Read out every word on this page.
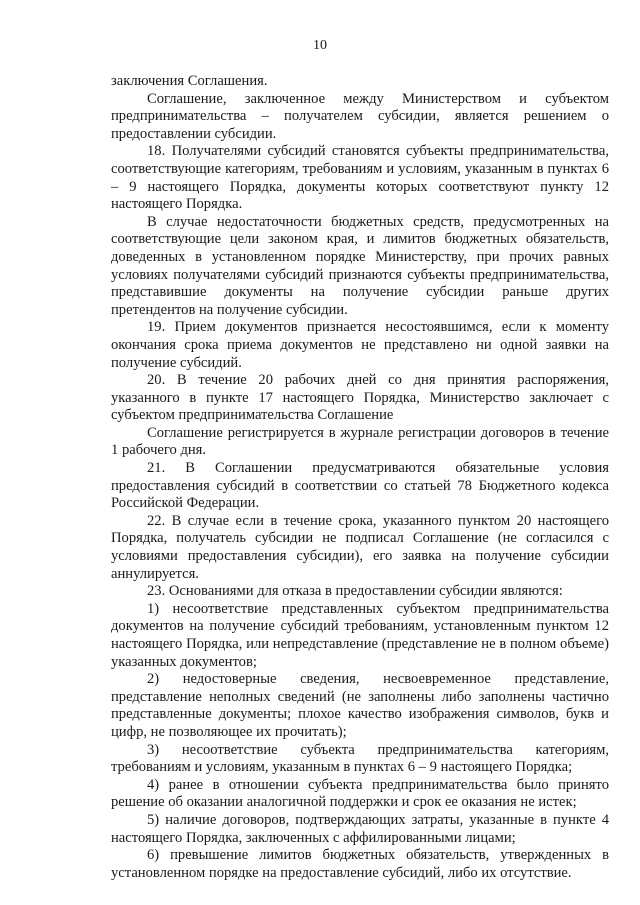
10

заключения Соглашения.

Соглашение, заключенное между Министерством и субъектом предпринимательства – получателем субсидии, является решением о предоставлении субсидии.

18. Получателями субсидий становятся субъекты предпринимательства, соответствующие категориям, требованиям и условиям, указанным в пунктах 6 – 9 настоящего Порядка, документы которых соответствуют пункту 12 настоящего Порядка.

В случае недостаточности бюджетных средств, предусмотренных на соответствующие цели законом края, и лимитов бюджетных обязательств, доведенных в установленном порядке Министерству, при прочих равных условиях получателями субсидий признаются субъекты предпринимательства, представившие документы на получение субсидии раньше других претендентов на получение субсидии.

19. Прием документов признается несостоявшимся, если к моменту окончания срока приема документов не представлено ни одной заявки на получение субсидий.

20. В течение 20 рабочих дней со дня принятия распоряжения, указанного в пункте 17 настоящего Порядка, Министерство заключает с субъектом предпринимательства Соглашение

Соглашение регистрируется в журнале регистрации договоров в течение 1 рабочего дня.

21. В Соглашении предусматриваются обязательные условия предоставления субсидий в соответствии со статьей 78 Бюджетного кодекса Российской Федерации.

22. В случае если в течение срока, указанного пунктом 20 настоящего Порядка, получатель субсидии не подписал Соглашение (не согласился с условиями предоставления субсидии), его заявка на получение субсидии аннулируется.

23. Основаниями для отказа в предоставлении субсидии являются:

1) несоответствие представленных субъектом предпринимательства документов на получение субсидий требованиям, установленным пунктом 12 настоящего Порядка, или непредставление (представление не в полном объеме) указанных документов;

2) недостоверные сведения, несвоевременное представление, представление неполных сведений (не заполнены либо заполнены частично представленные документы; плохое качество изображения символов, букв и цифр, не позволяющее их прочитать);

3) несоответствие субъекта предпринимательства категориям, требованиям и условиям, указанным в пунктах 6 – 9 настоящего Порядка;

4) ранее в отношении субъекта предпринимательства было принято решение об оказании аналогичной поддержки и срок ее оказания не истек;

5) наличие договоров, подтверждающих затраты, указанные в пункте 4 настоящего Порядка, заключенных с аффилированными лицами;

6) превышение лимитов бюджетных обязательств, утвержденных в установленном порядке на предоставление субсидий, либо их отсутствие.
